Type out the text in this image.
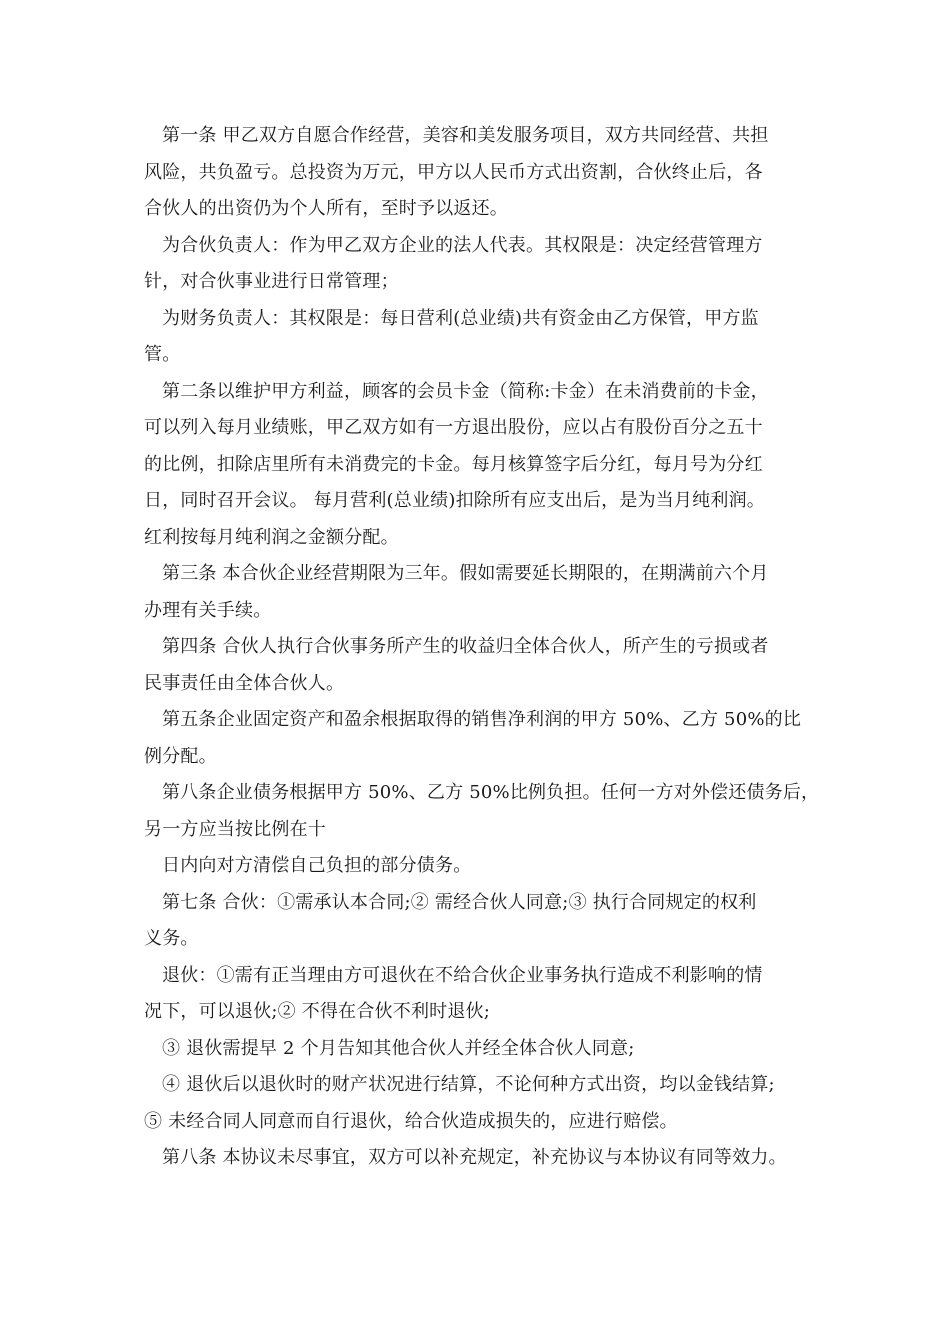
第一条 甲乙双方自愿合作经营，美容和美发服务项目，双方共同经营、共担
风险，共负盈亏。总投资为万元，甲方以人民币方式出资割，合伙终止后，各
合伙人的出资仍为个人所有，至时予以返还。
为合伙负责人：作为甲乙双方企业的法人代表。其权限是：决定经营管理方
针，对合伙事业进行日常管理；
为财务负责人：其权限是：每日营利(总业绩)共有资金由乙方保管，甲方监
管。
第二条以维护甲方利益，顾客的会员卡金（简称:卡金）在未消费前的卡金，
可以列入每月业绩账，甲乙双方如有一方退出股份，应以占有股份百分之五十
的比例，扣除店里所有未消费完的卡金。每月核算签字后分红，每月号为分红
日，同时召开会议。 每月营利(总业绩)扣除所有应支出后，是为当月纯利润。
红利按每月纯利润之金额分配。
第三条 本合伙企业经营期限为三年。假如需要延长期限的，在期满前六个月
办理有关手续。
第四条 合伙人执行合伙事务所产生的收益归全体合伙人，所产生的亏损或者
民事责任由全体合伙人。
第五条企业固定资产和盈余根据取得的销售净利润的甲方 50%、乙方 50%的比
例分配。
第八条企业债务根据甲方 50%、乙方 50%比例负担。任何一方对外偿还债务后，
另一方应当按比例在十
日内向对方清偿自己负担的部分债务。
第七条 合伙：①需承认本合同;② 需经合伙人同意;③ 执行合同规定的权利
义务。
退伙：①需有正当理由方可退伙在不给合伙企业事务执行造成不利影响的情
况下，可以退伙;② 不得在合伙不利时退伙;
③ 退伙需提早 2 个月告知其他合伙人并经全体合伙人同意;
④ 退伙后以退伙时的财产状况进行结算，不论何种方式出资，均以金钱结算;
⑤ 未经合同人同意而自行退伙，给合伙造成损失的，应进行赔偿。
第八条 本协议未尽事宜，双方可以补充规定，补充协议与本协议有同等效力。
